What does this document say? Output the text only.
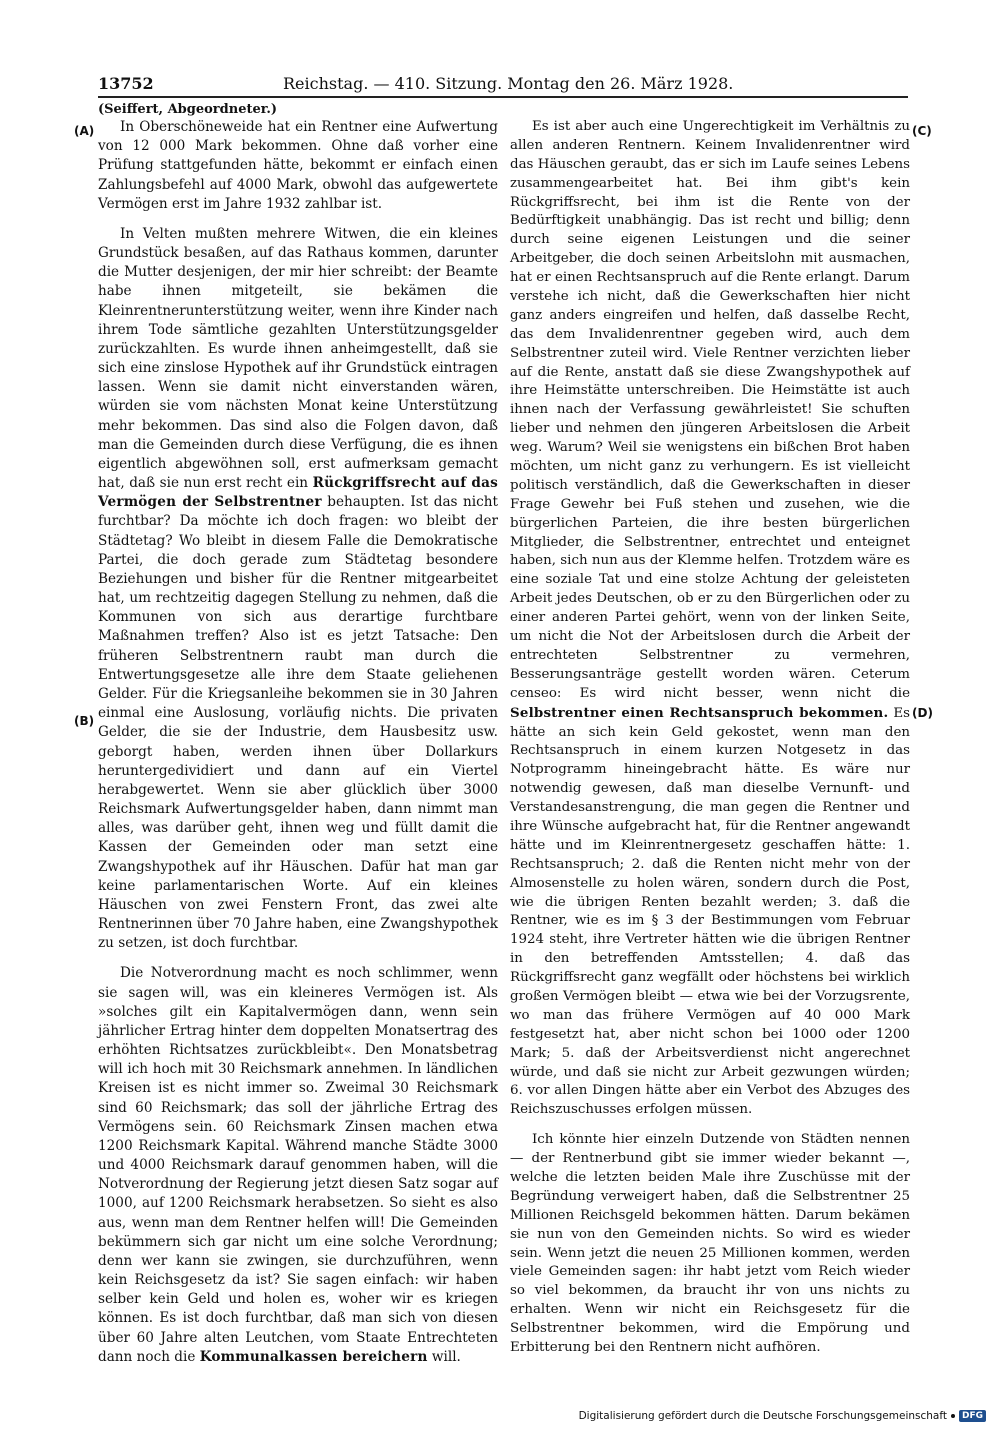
13752	Reichstag. — 410. Sitzung. Montag den 26. März 1928.
(Seiffert, Abgeordneter.)
(A)
(B)
(C)
(D)

In Oberschöneweide hat ein Rentner eine Aufwertung von 12 000 Mark bekommen. Ohne daß vorher eine Prüfung stattgefunden hätte, bekommt er einfach einen Zahlungsbefehl auf 4000 Mark, obwohl das aufgewertete Vermögen erst im Jahre 1932 zahlbar ist.

In Velten mußten mehrere Witwen, die ein kleines Grundstück besaßen, auf das Rathaus kommen, darunter die Mutter desjenigen, der mir hier schreibt: der Beamte habe ihnen mitgeteilt, sie bekämen die Kleinrentnerunterstützung weiter, wenn ihre Kinder nach ihrem Tode sämtliche gezahlten Unterstützungsgelder zurückzahlten. Es wurde ihnen anheimgestellt, daß sie sich eine zinslose Hypothek auf ihr Grundstück eintragen lassen. Wenn sie damit nicht einverstanden wären, würden sie vom nächsten Monat keine Unterstützung mehr bekommen. Das sind also die Folgen davon, daß man die Gemeinden durch diese Verfügung, die es ihnen eigentlich abgewöhnen soll, erst aufmerksam gemacht hat, daß sie nun erst recht ein Rückgriffsrecht auf das Vermögen der Selbstrentner behaupten. Ist das nicht furchtbar? Da möchte ich doch fragen: wo bleibt der Städtetag? Wo bleibt in diesem Falle die Demokratische Partei, die doch gerade zum Städtetag besondere Beziehungen und bisher für die Rentner mitgearbeitet hat, um rechtzeitig dagegen Stellung zu nehmen, daß die Kommunen von sich aus derartige furchtbare Maßnahmen treffen? Also ist es jetzt Tatsache: Den früheren Selbstrentnern raubt man durch die Entwertungsgesetze alle ihre dem Staate geliehenen Gelder. Für die Kriegsanleihe bekommen sie in 30 Jahren einmal eine Auslosung, vorläufig nichts. Die privaten Gelder, die sie der Industrie, dem Hausbesitz usw. geborgt haben, werden ihnen über Dollarkurs heruntergedividiert und dann auf ein Viertel herabgewertet. Wenn sie aber glücklich über 3000 Reichsmark Aufwertungsgelder haben, dann nimmt man alles, was darüber geht, ihnen weg und füllt damit die Kassen der Gemeinden oder man setzt eine Zwangshypothek auf ihr Häuschen. Dafür hat man gar keine parlamentarischen Worte. Auf ein kleines Häuschen von zwei Fenstern Front, das zwei alte Rentnerinnen über 70 Jahre haben, eine Zwangshypothek zu setzen, ist doch furchtbar.

Die Notverordnung macht es noch schlimmer, wenn sie sagen will, was ein kleineres Vermögen ist. Als »solches gilt ein Kapitalvermögen dann, wenn sein jährlicher Ertrag hinter dem doppelten Monatsertrag des erhöhten Richtsatzes zurückbleibt«. Den Monatsbetrag will ich hoch mit 30 Reichsmark annehmen. In ländlichen Kreisen ist es nicht immer so. Zweimal 30 Reichsmark sind 60 Reichsmark; das soll der jährliche Ertrag des Vermögens sein. 60 Reichsmark Zinsen machen etwa 1200 Reichsmark Kapital. Während manche Städte 3000 und 4000 Reichsmark darauf genommen haben, will die Notverordnung der Regierung jetzt diesen Satz sogar auf 1000, auf 1200 Reichsmark herabsetzen. So sieht es also aus, wenn man dem Rentner helfen will! Die Gemeinden bekümmern sich gar nicht um eine solche Verordnung; denn wer kann sie zwingen, sie durchzuführen, wenn kein Reichsgesetz da ist? Sie sagen einfach: wir haben selber kein Geld und holen es, woher wir es kriegen können. Es ist doch furchtbar, daß man sich von diesen über 60 Jahre alten Leutchen, vom Staate Entrechteten dann noch die Kommunalkassen bereichern will.

Es ist aber auch eine Ungerechtigkeit im Verhältnis zu allen anderen Rentnern. Keinem Invalidenrentner wird das Häuschen geraubt, das er sich im Laufe seines Lebens zusammengearbeitet hat. Bei ihm gibt's kein Rückgriffsrecht, bei ihm ist die Rente von der Bedürftigkeit unabhängig. Das ist recht und billig; denn durch seine eigenen Leistungen und die seiner Arbeitgeber, die doch seinen Arbeitslohn mit ausmachen, hat er einen Rechtsanspruch auf die Rente erlangt. Darum verstehe ich nicht, daß die Gewerkschaften hier nicht ganz anders eingreifen und helfen, daß dasselbe Recht, das dem Invalidenrentner gegeben wird, auch dem Selbstrentner zuteil wird. Viele Rentner verzichten lieber auf die Rente, anstatt daß sie diese Zwangshypothek auf ihre Heimstätte unterschreiben. Die Heimstätte ist auch ihnen nach der Verfassung gewährleistet! Sie schuften lieber und nehmen den jüngeren Arbeitslosen die Arbeit weg. Warum? Weil sie wenigstens ein bißchen Brot haben möchten, um nicht ganz zu verhungern. Es ist vielleicht politisch verständlich, daß die Gewerkschaften in dieser Frage Gewehr bei Fuß stehen und zusehen, wie die bürgerlichen Parteien, die ihre besten bürgerlichen Mitglieder, die Selbstrentner, entrechtet und enteignet haben, sich nun aus der Klemme helfen. Trotzdem wäre es eine soziale Tat und eine stolze Achtung der geleisteten Arbeit jedes Deutschen, ob er zu den Bürgerlichen oder zu einer anderen Partei gehört, wenn von der linken Seite, um nicht die Not der Arbeitslosen durch die Arbeit der entrechteten Selbstrentner zu vermehren, Besserungsanträge gestellt worden wären. Ceterum censeo: Es wird nicht besser, wenn nicht die Selbstrentner einen Rechtsanspruch bekommen. Es hätte an sich kein Geld gekostet, wenn man den Rechtsanspruch in einem kurzen Notgesetz in das Notprogramm hineingebracht hätte. Es wäre nur notwendig gewesen, daß man dieselbe Vernunft- und Verstandesanstrengung, die man gegen die Rentner und ihre Wünsche aufgebracht hat, für die Rentner angewandt hätte und im Kleinrentnergesetz geschaffen hätte: 1. Rechtsanspruch; 2. daß die Renten nicht mehr von der Almosenstelle zu holen wären, sondern durch die Post, wie die übrigen Renten bezahlt werden; 3. daß die Rentner, wie es im § 3 der Bestimmungen vom Februar 1924 steht, ihre Vertreter hätten wie die übrigen Rentner in den betreffenden Amtsstellen; 4. daß das Rückgriffsrecht ganz wegfällt oder höchstens bei wirklich großen Vermögen bleibt — etwa wie bei der Vorzugsrente, wo man das frühere Vermögen auf 40 000 Mark festgesetzt hat, aber nicht schon bei 1000 oder 1200 Mark; 5. daß der Arbeitsverdienst nicht angerechnet würde, und daß sie nicht zur Arbeit gezwungen würden; 6. vor allen Dingen hätte aber ein Verbot des Abzuges des Reichszuschusses erfolgen müssen.

Ich könnte hier einzeln Dutzende von Städten nennen — der Rentnerbund gibt sie immer wieder bekannt —, welche die letzten beiden Male ihre Zuschüsse mit der Begründung verweigert haben, daß die Selbstrentner 25 Millionen Reichsgeld bekommen hätten. Darum bekämen sie nun von den Gemeinden nichts. So wird es wieder sein. Wenn jetzt die neuen 25 Millionen kommen, werden viele Gemeinden sagen: ihr habt jetzt vom Reich wieder so viel bekommen, da braucht ihr von uns nichts zu erhalten. Wenn wir nicht ein Reichsgesetz für die Selbstrentner bekommen, wird die Empörung und Erbitterung bei den Rentnern nicht aufhören.

Digitalisierung gefördert durch die Deutsche Forschungsgemeinschaft	DFG
